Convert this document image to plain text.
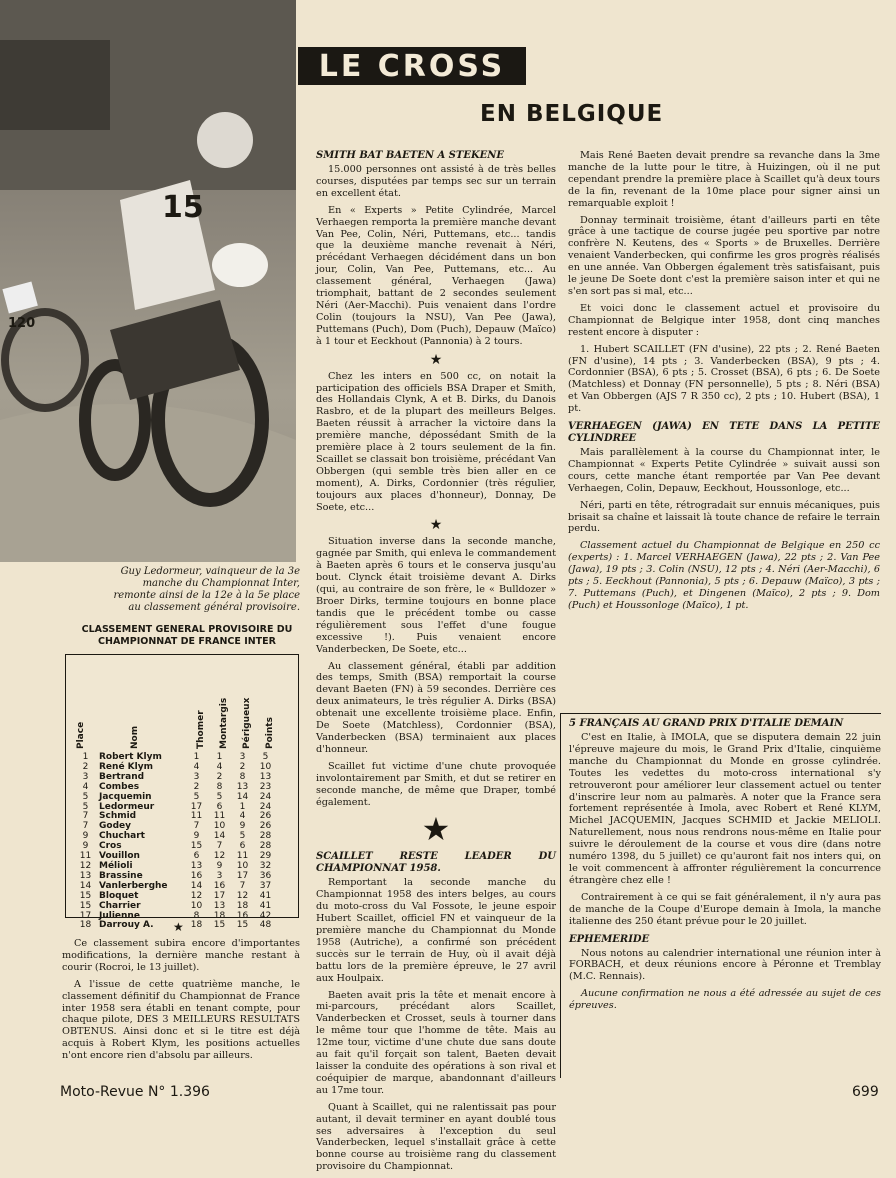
15
120
Guy Ledormeur, vainqueur de la 3e manche du Championnat Inter, remonte ainsi de la 12e à la 5e place au classement général provisoire.
LE CROSS
EN BELGIQUE
SMITH BAT BAETEN A STEKENE

15.000 personnes ont assisté à de très belles courses, disputées par temps sec sur un terrain en excellent état.

En « Experts » Petite Cylindrée, Marcel Verhaegen remporta la première manche devant Van Pee, Colin, Néri, Puttemans, etc... tandis que la deuxième manche revenait à Néri, précédant Verhaegen décidément dans un bon jour, Colin, Van Pee, Puttemans, etc... Au classement général, Verhaegen (Jawa) triomphait, battant de 2 secondes seulement Néri (Aer-Macchi). Puis venaient dans l'ordre Colin (toujours la NSU), Van Pee (Jawa), Puttemans (Puch), Dom (Puch), Depauw (Maïco) à 1 tour et Eeckhout (Pannonia) à 2 tours.

★

Chez les inters en 500 cc, on notait la participation des officiels BSA Draper et Smith, des Hollandais Clynk, A et B. Dirks, du Danois Rasbro, et de la plupart des meilleurs Belges. Baeten réussit à arracher la victoire dans la première manche, dépossédant Smith de la première place à 2 tours seulement de la fin. Scaillet se classait bon troisième, précédant Van Obbergen (qui semble très bien aller en ce moment), A. Dirks, Cordonnier (très régulier, toujours aux places d'honneur), Donnay, De Soete, etc...

★

Situation inverse dans la seconde manche, gagnée par Smith, qui enleva le commandement à Baeten après 6 tours et le conserva jusqu'au bout. Clynck était troisième devant A. Dirks (qui, au contraire de son frère, le « Bulldozer » Broer Dirks, termine toujours en bonne place tandis que le précédent tombe ou casse régulièrement sous l'effet d'une fougue excessive !). Puis venaient encore Vanderbecken, De Soete, etc...

Au classement général, établi par addition des temps, Smith (BSA) remportait la course devant Baeten (FN) à 59 secondes. Derrière ces deux animateurs, le très régulier A. Dirks (BSA) obtenait une excellente troisième place. Enfin, De Soete (Matchless), Cordonnier (BSA), Vanderbecken (BSA) terminaient aux places d'honneur.

Scaillet fut victime d'une chute provoquée involontairement par Smith, et dut se retirer en seconde manche, de même que Draper, tombé également.

★
SCAILLET RESTE LEADER DU CHAMPIONNAT 1958.

Remportant la seconde manche du Championnat 1958 des inters belges, au cours du moto-cross du Val Fossote, le jeune espoir Hubert Scaillet, officiel FN et vainqueur de la première manche du Championnat du Monde 1958 (Autriche), a confirmé son précédent succès sur le terrain de Huy, où il avait déjà battu lors de la première épreuve, le 27 avril aux Houlpaix.

Baeten avait pris la tête et menait encore à mi-parcours, précédant alors Scaillet, Vanderbecken et Crosset, seuls à tourner dans le même tour que l'homme de tête. Mais au 12me tour, victime d'une chute due sans doute au fait qu'il forçait son talent, Baeten devait laisser la conduite des opérations à son rival et coéquipier de marque, abandonnant d'ailleurs au 17me tour.

Quant à Scaillet, qui ne ralentissait pas pour autant, il devait terminer en ayant doublé tous ses adversaires à l'exception du seul Vanderbecken, lequel s'installait grâce à cette bonne course au troisième rang du classement provisoire du Championnat.

Mais René Baeten devait prendre sa revanche dans la 3me manche de la lutte pour le titre, à Huizingen, où il ne put cependant prendre la première place à Scaillet qu'à deux tours de la fin, revenant de la 10me place pour signer ainsi un remarquable exploit !

Donnay terminait troisième, étant d'ailleurs parti en tête grâce à une tactique de course jugée peu sportive par notre confrère N. Keutens, des « Sports » de Bruxelles. Derrière venaient Vanderbecken, qui confirme les gros progrès réalisés en une année. Van Obbergen également très satisfaisant, puis le jeune De Soete dont c'est la première saison inter et qui ne s'en sort pas si mal, etc...

Et voici donc le classement actuel et provisoire du Championnat de Belgique inter 1958, dont cinq manches restent encore à disputer :

1. Hubert SCAILLET (FN d'usine), 22 pts ; 2. René Baeten (FN d'usine), 14 pts ; 3. Vanderbecken (BSA), 9 pts ; 4. Cordonnier (BSA), 6 pts ; 5. Crosset (BSA), 6 pts ; 6. De Soete (Matchless) et Donnay (FN personnelle), 5 pts ; 8. Néri (BSA) et Van Obbergen (AJS 7 R 350 cc), 2 pts ; 10. Hubert (BSA), 1 pt.

VERHAEGEN (JAWA) EN TETE DANS LA PETITE CYLINDREE

Mais parallèlement à la course du Championnat inter, le Championnat « Experts Petite Cylindrée » suivait aussi son cours, cette manche étant remportée par Van Pee devant Verhaegen, Colin, Depauw, Eeckhout, Houssonloge, etc...

Néri, parti en tête, rétrogradait sur ennuis mécaniques, puis brisait sa chaîne et laissait là toute chance de refaire le terrain perdu.

Classement actuel du Championnat de Belgique en 250 cc (experts) : 1. Marcel VERHAEGEN (Jawa), 22 pts ; 2. Van Pee (Jawa), 19 pts ; 3. Colin (NSU), 12 pts ; 4. Néri (Aer-Macchi), 6 pts ; 5. Eeckhout (Pannonia), 5 pts ; 6. Depauw (Maïco), 3 pts ; 7. Puttemans (Puch), et Dingenen (Maïco), 2 pts ; 9. Dom (Puch) et Houssonloge (Maïco), 1 pt.

5 FRANÇAIS AU GRAND PRIX D'ITALIE DEMAIN

C'est en Italie, à IMOLA, que se disputera demain 22 juin l'épreuve majeure du mois, le Grand Prix d'Italie, cinquième manche du Championnat du Monde en grosse cylindrée. Toutes les vedettes du moto-cross international s'y retrouveront pour améliorer leur classement actuel ou tenter d'inscrire leur nom au palmarès. A noter que la France sera fortement représentée à Imola, avec Robert et René KLYM, Michel JACQUEMIN, Jacques SCHMID et Jackie MELIOLI. Naturellement, nous nous rendrons nous-même en Italie pour suivre le déroulement de la course et vous dire (dans notre numéro 1398, du 5 juillet) ce qu'auront fait nos inters qui, on le voit commencent à affronter régulièrement la concurrence étrangère chez elle !

Contrairement à ce qui se fait généralement, il n'y aura pas de manche de la Coupe d'Europe demain à Imola, la manche italienne des 250 étant prévue pour le 20 juillet.

EPHEMERIDE

Nous notons au calendrier international une réunion inter à FORBACH, et deux réunions encore à Péronne et Tremblay (M.C. Rennais).

Aucune confirmation ne nous a été adressée au sujet de ces épreuves.

CLASSEMENT GENERAL PROVISOIRE DU CHAMPIONNAT DE FRANCE INTER
Place	Nom	Thomer Montargis Périgueux Points
1	Robert Klym	1	1	3	5
2	René Klym	4	4	2	10
3	Bertrand	3	2	8	13
4	Combes	2	8	13	23
5	Jacquemin	5	5	14	24
5	Ledormeur	17	6	1	24
7	Schmid	11	11	4	26
7	Godey	7	10	9	26
9	Chuchart	9	14	5	28
9	Cros	15	7	6	28
11	Vouillon	6	12	11	29
12	Mélioli	13	9	10	32
13	Brassine	16	3	17	36
14	Vanlerberghe	14	16	7	37
15	Bloquet	12	17	12	41
15	Charrier	10	13	18	41
17	Julienne	8	18	16	42
18	Darrouy A.	18	15	15	48
★

Ce classement subira encore d'importantes modifications, la dernière manche restant à courir (Rocroi, le 13 juillet).

A l'issue de cette quatrième manche, le classement définitif du Championnat de France inter 1958 sera établi en tenant compte, pour chaque pilote, DES 3 MEILLEURS RESULTATS OBTENUS. Ainsi donc et si le titre est déjà acquis à Robert Klym, les positions actuelles n'ont encore rien d'absolu par ailleurs.

Moto-Revue N° 1.396	699
